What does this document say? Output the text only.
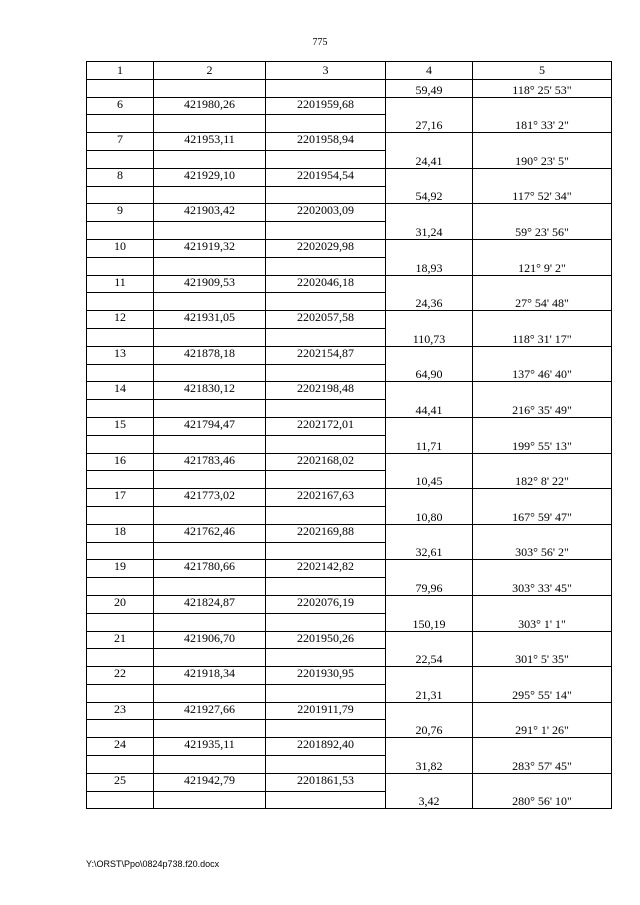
775
1	2	3	4	5
			59,49	118° 25' 53"
6	421980,26	2201959,68		
			27,16	181° 33' 2"
7	421953,11	2201958,94		
			24,41	190° 23' 5"
8	421929,10	2201954,54		
			54,92	117° 52' 34"
9	421903,42	2202003,09		
			31,24	59° 23' 56"
10	421919,32	2202029,98		
			18,93	121° 9' 2"
11	421909,53	2202046,18		
			24,36	27° 54' 48"
12	421931,05	2202057,58		
			110,73	118° 31' 17"
13	421878,18	2202154,87		
			64,90	137° 46' 40"
14	421830,12	2202198,48		
			44,41	216° 35' 49"
15	421794,47	2202172,01		
			11,71	199° 55' 13"
16	421783,46	2202168,02		
			10,45	182° 8' 22"
17	421773,02	2202167,63		
			10,80	167° 59' 47"
18	421762,46	2202169,88		
			32,61	303° 56' 2"
19	421780,66	2202142,82		
			79,96	303° 33' 45"
20	421824,87	2202076,19		
			150,19	303° 1' 1"
21	421906,70	2201950,26		
			22,54	301° 5' 35"
22	421918,34	2201930,95		
			21,31	295° 55' 14"
23	421927,66	2201911,79		
			20,76	291° 1' 26"
24	421935,11	2201892,40		
			31,82	283° 57' 45"
25	421942,79	2201861,53		
			3,42	280° 56' 10"
Y:\ORST\Ppo\0824p738.f20.docx
